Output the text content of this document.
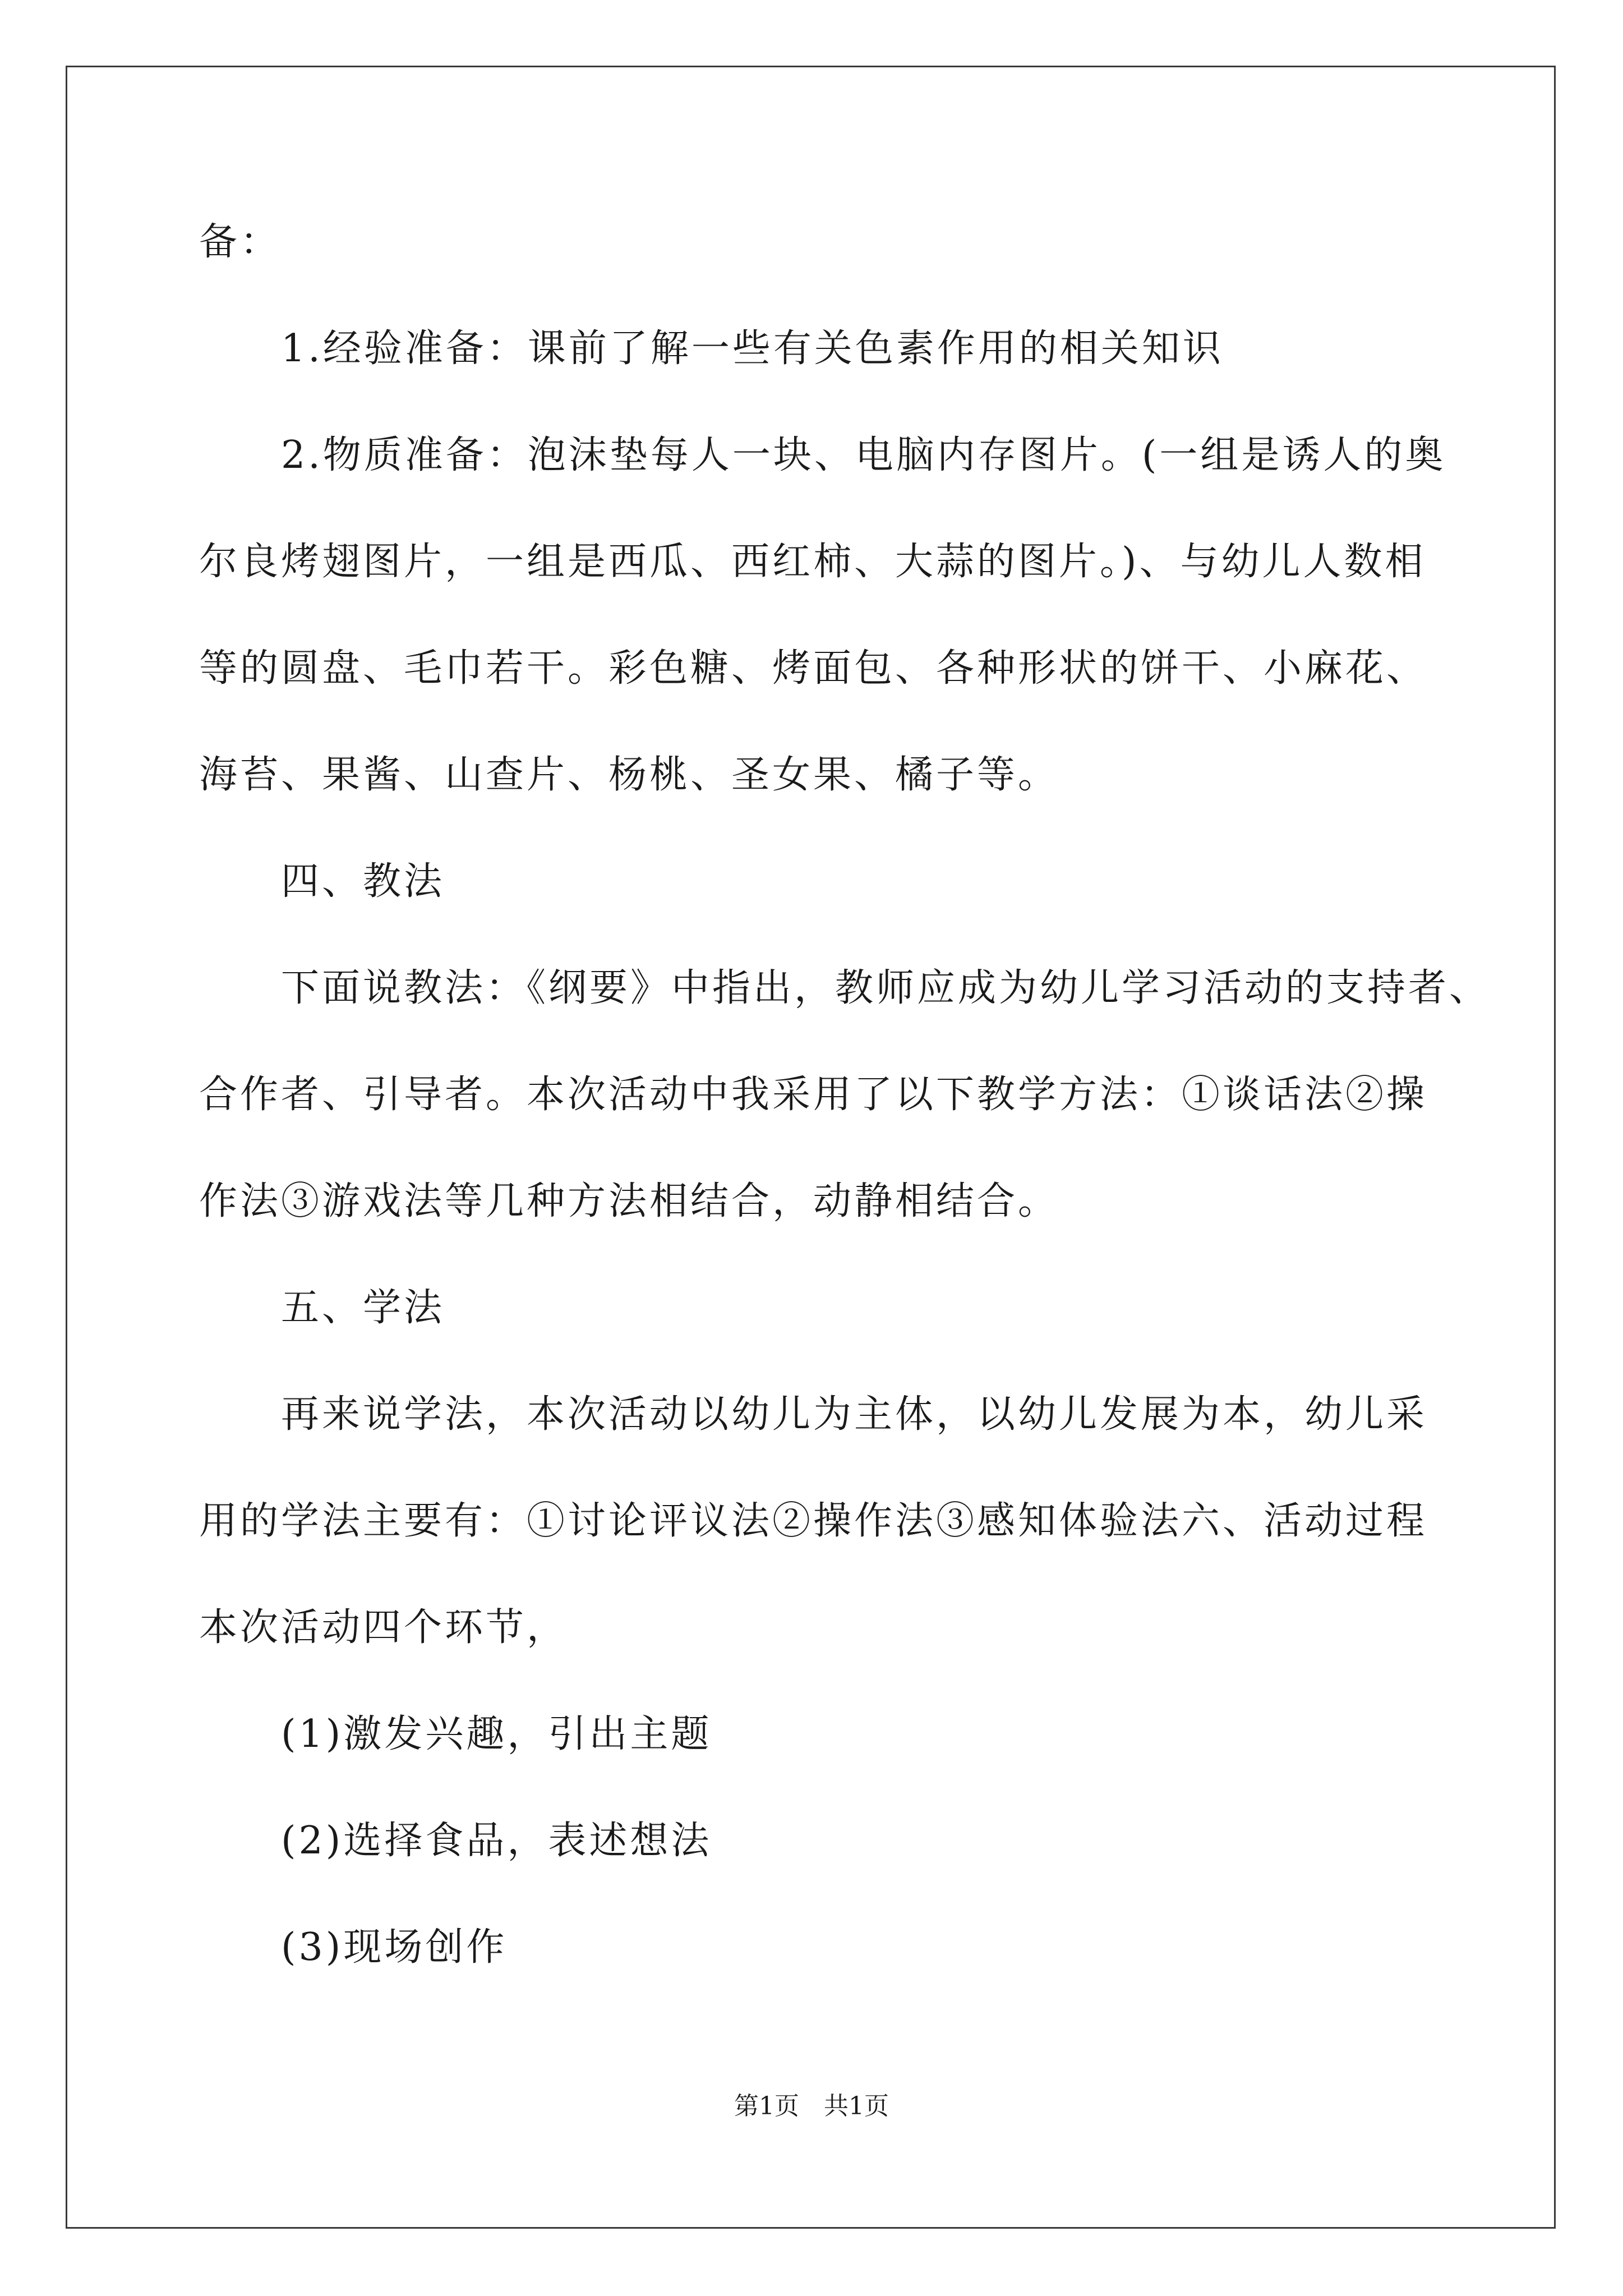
备：

1.经验准备：课前了解一些有关色素作用的相关知识

2.物质准备：泡沫垫每人一块、电脑内存图片。(一组是诱人的奥

尔良烤翅图片，一组是西瓜、西红柿、大蒜的图片。)、与幼儿人数相

等的圆盘、毛巾若干。彩色糖、烤面包、各种形状的饼干、小麻花、

海苔、果酱、山查片、杨桃、圣女果、橘子等。

四、教法

下面说教法：《纲要》中指出，教师应成为幼儿学习活动的支持者、

合作者、引导者。本次活动中我采用了以下教学方法：①谈话法②操

作法③游戏法等几种方法相结合，动静相结合。

五、学法

再来说学法，本次活动以幼儿为主体，以幼儿发展为本，幼儿采

用的学法主要有：①讨论评议法②操作法③感知体验法六、活动过程

本次活动四个环节，

(1)激发兴趣，引出主题

(2)选择食品，表述想法

(3)现场创作

第1页　共1页
